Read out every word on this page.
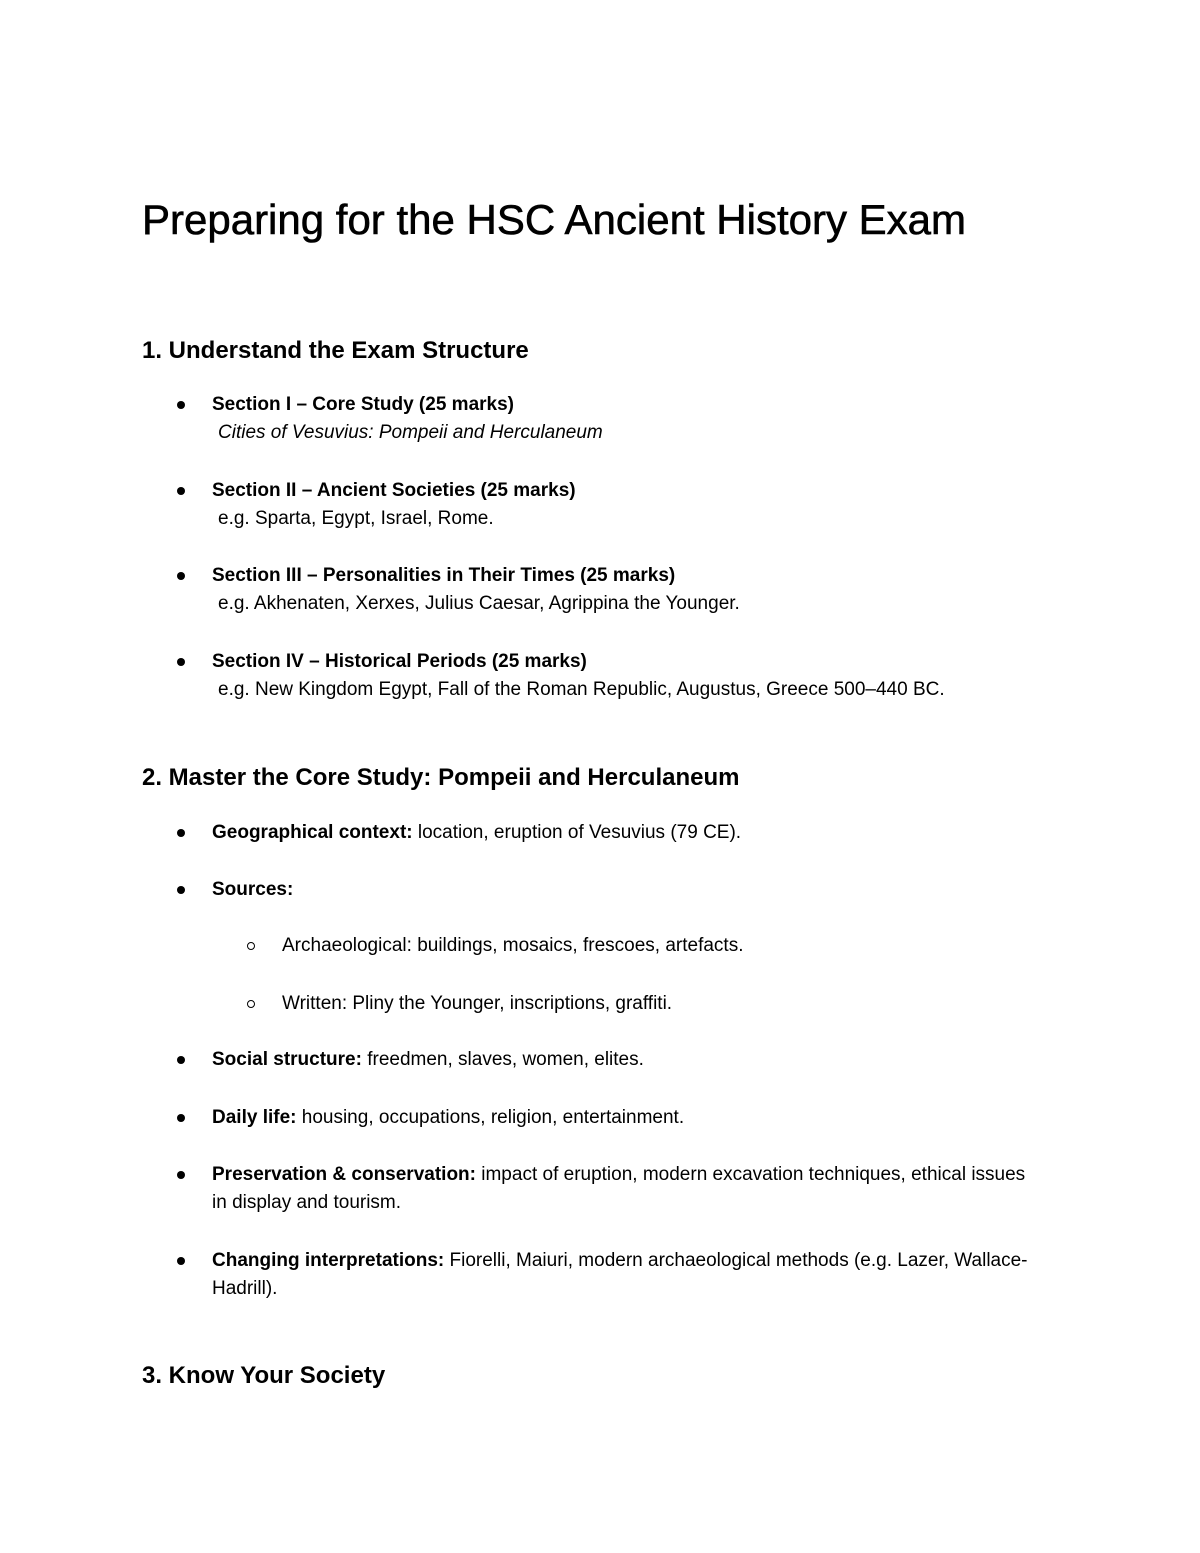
Preparing for the HSC Ancient History Exam
1. Understand the Exam Structure
Section I – Core Study (25 marks)
Cities of Vesuvius: Pompeii and Herculaneum
Section II – Ancient Societies (25 marks)
e.g. Sparta, Egypt, Israel, Rome.
Section III – Personalities in Their Times (25 marks)
e.g. Akhenaten, Xerxes, Julius Caesar, Agrippina the Younger.
Section IV – Historical Periods (25 marks)
e.g. New Kingdom Egypt, Fall of the Roman Republic, Augustus, Greece 500–440 BC.
2. Master the Core Study: Pompeii and Herculaneum
Geographical context: location, eruption of Vesuvius (79 CE).
Sources:
Archaeological: buildings, mosaics, frescoes, artefacts.
Written: Pliny the Younger, inscriptions, graffiti.
Social structure: freedmen, slaves, women, elites.
Daily life: housing, occupations, religion, entertainment.
Preservation & conservation: impact of eruption, modern excavation techniques, ethical issues in display and tourism.
Changing interpretations: Fiorelli, Maiuri, modern archaeological methods (e.g. Lazer, Wallace-Hadrill).
3. Know Your Society
